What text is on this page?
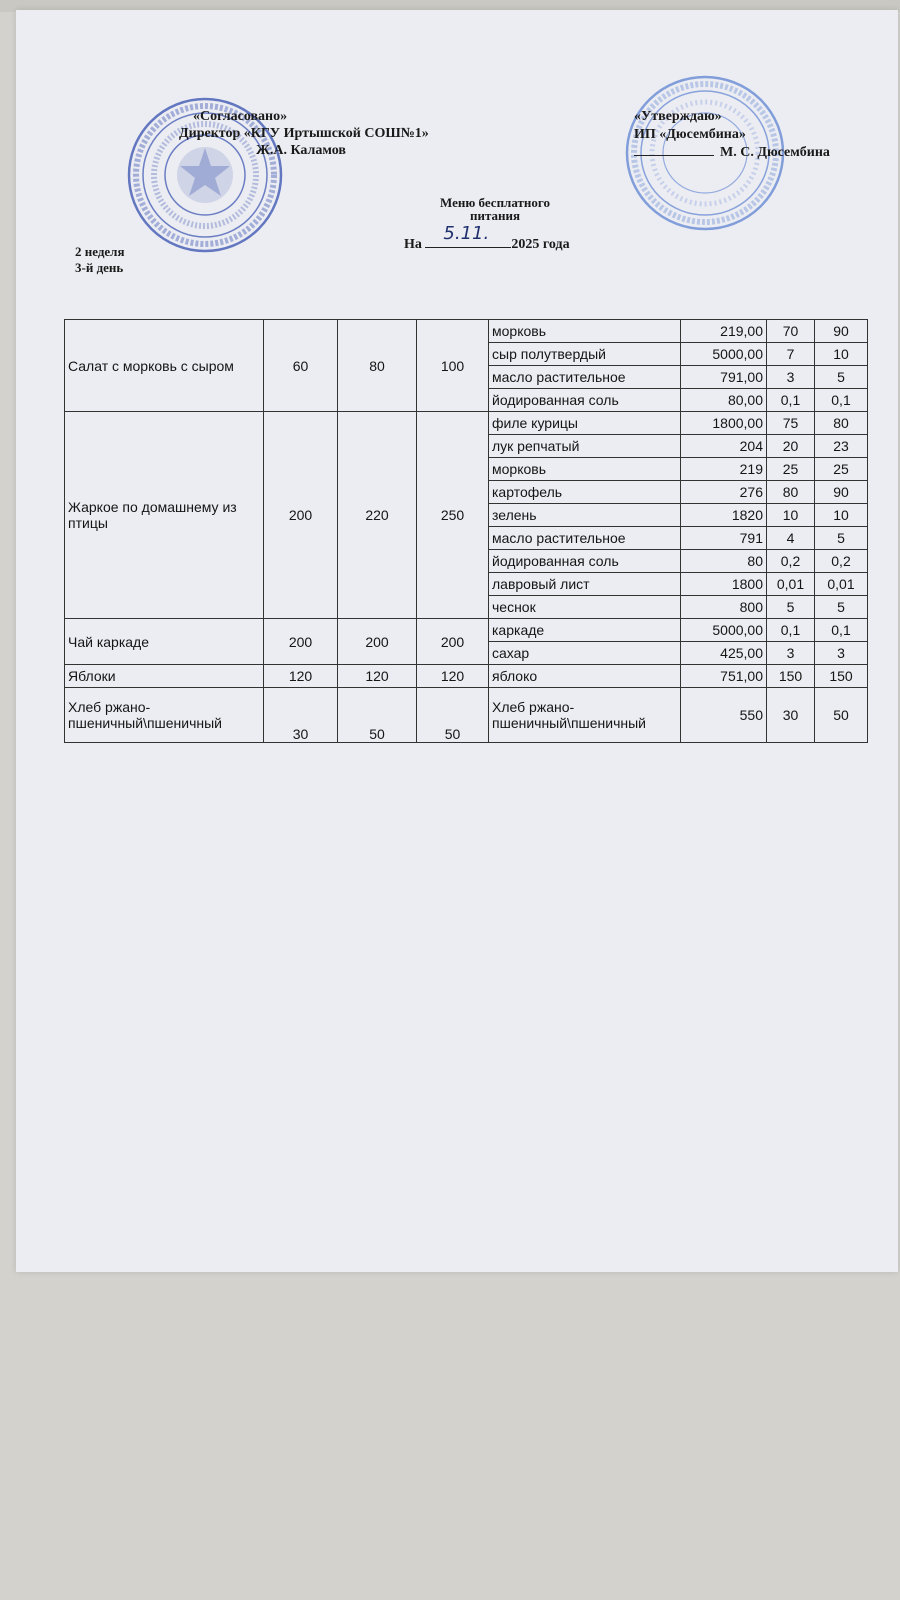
«Согласовано»
Директор «КГУ Иртышской СОШ№1»
Ж.А. Каламов
«Утверждаю»
ИП «Дюсембина»
М. С. Дюсембина
Меню бесплатного
питания
На
5.11.
2025 года
2 неделя
3-й день
Салат с морковь с сыром	60	80	100	морковь	219,00	70	90
				сыр полутвердый	5000,00	7	10
				масло растительное	791,00	3	5
				йодированная соль	80,00	0,1	0,1
Жаркое по домашнему из птицы	200	220	250	филе курицы	1800,00	75	80
				лук репчатый	204	20	23
				морковь	219	25	25
				картофель	276	80	90
				зелень	1820	10	10
				масло растительное	791	4	5
				йодированная соль	80	0,2	0,2
				лавровый лист	1800	0,01	0,01
				чеснок	800	5	5
Чай каркаде	200	200	200	каркаде	5000,00	0,1	0,1
				сахар	425,00	3	3
Яблоки	120	120	120	яблоко	751,00	150	150
Хлеб ржано-пшеничный\пшеничный	30	50	50	Хлеб ржано-пшеничный\пшеничный	550	30	50
